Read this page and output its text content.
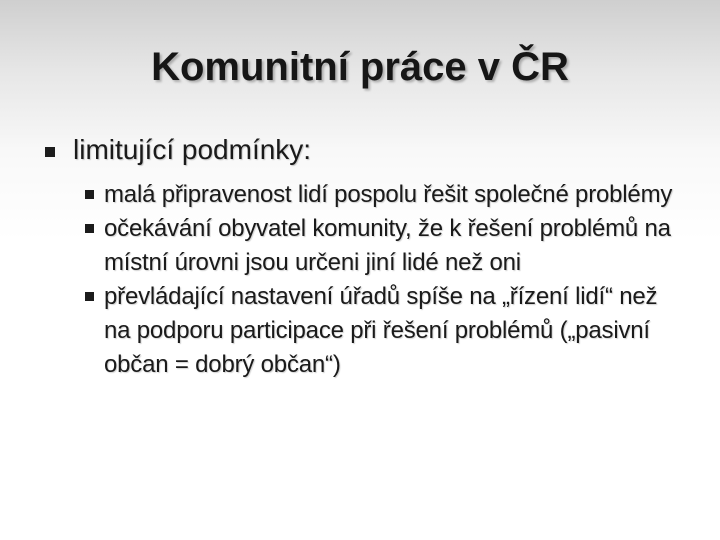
Komunitní práce v ČR
limitující podmínky:
malá připravenost lidí pospolu řešit společné problémy
očekávání obyvatel komunity, že k řešení problémů na místní úrovni jsou určeni jiní lidé než oni
převládající nastavení úřadů spíše na „řízení lidí“ než na podporu participace při řešení problémů („pasivní občan = dobrý občan“)
